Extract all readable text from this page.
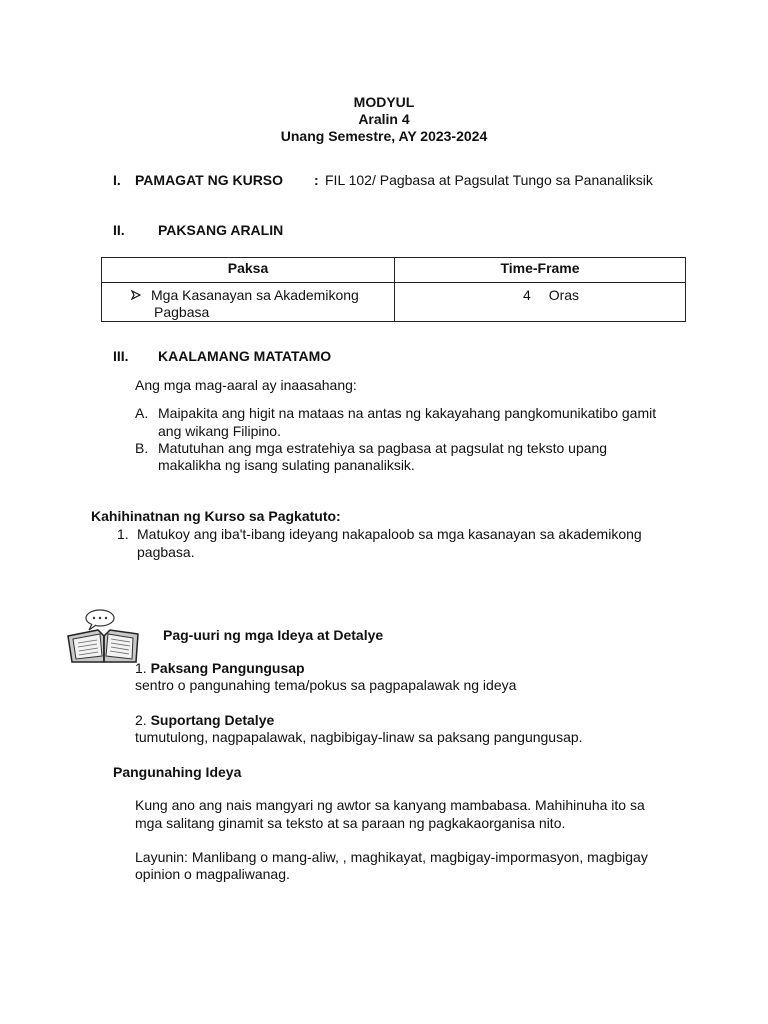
MODYUL
Aralin 4
Unang Semestre, AY 2023-2024
I. PAMAGAT NG KURSO : FIL 102/ Pagbasa at Pagsulat Tungo sa Pananaliksik
II. PAKSANG ARALIN
Paksa	Time-Frame

Mga Kasanayan sa Akademikong
Pagbasa	4 Oras
III. KAALAMANG MATATAMO
Ang mga mag-aaral ay inaasahang:
A. Maipakita ang higit na mataas na antas ng kakayahang pangkomunikatibo gamit
ang wikang Filipino.
B. Matutuhan ang mga estratehiya sa pagbasa at pagsulat ng teksto upang
makalikha ng isang sulating pananaliksik.
Kahihinatnan ng Kurso sa Pagkatuto:
1. Matukoy ang iba't-ibang ideyang nakapaloob sa mga kasanayan sa akademikong
pagbasa.
Pag-uuri ng mga Ideya at Detalye
1. Paksang Pangungusap
sentro o pangunahing tema/pokus sa pagpapalawak ng ideya
2. Suportang Detalye
tumutulong, nagpapalawak, nagbibigay-linaw sa paksang pangungusap.
Pangunahing Ideya
Kung ano ang nais mangyari ng awtor sa kanyang mambabasa. Mahihinuha ito sa
mga salitang ginamit sa teksto at sa paraan ng pagkakaorganisa nito.
Layunin: Manlibang o mang-aliw, , maghikayat, magbigay-impormasyon, magbigay
opinion o magpaliwanag.
